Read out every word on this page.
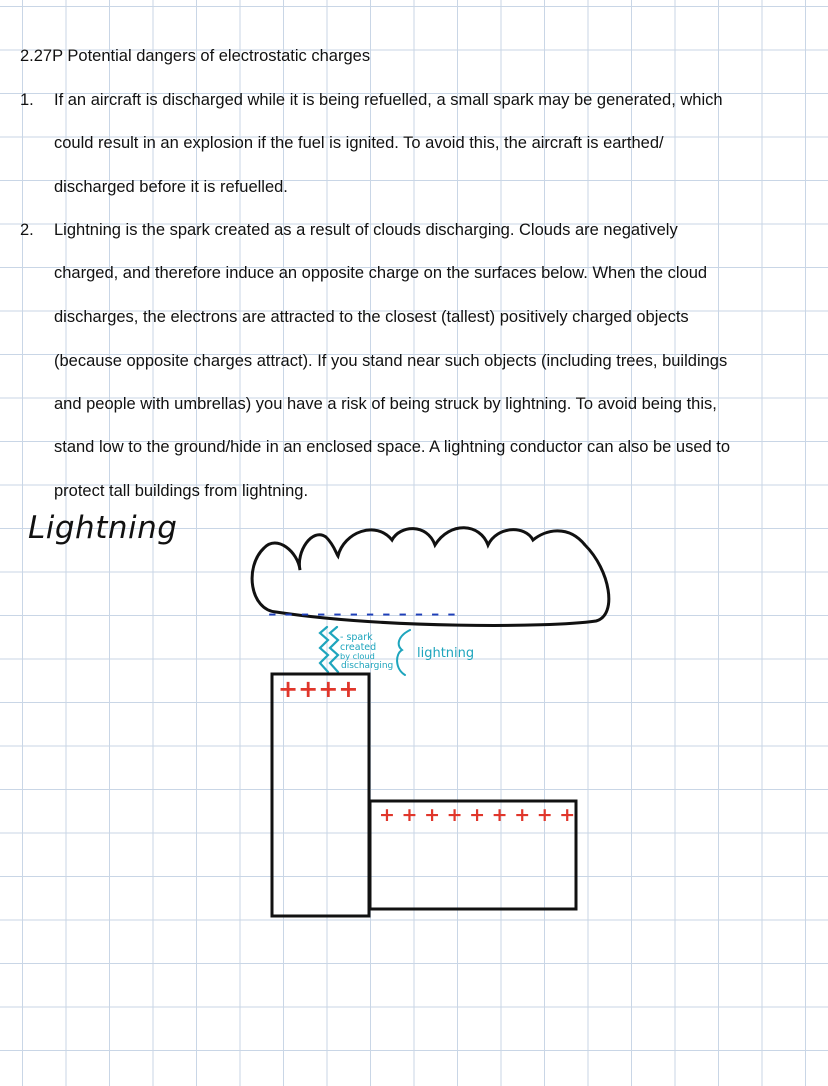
2.27P Potential dangers of electrostatic charges
1. If an aircraft is discharged while it is being refuelled, a small spark may be generated, which
could result in an explosion if the fuel is ignited. To avoid this, the aircraft is earthed/
discharged before it is refuelled.
2. Lightning is the spark created as a result of clouds discharging. Clouds are negatively
charged, and therefore induce an opposite charge on the surfaces below. When the cloud
discharges, the electrons are attracted to the closest (tallest) positively charged objects
(because opposite charges attract). If you stand near such objects (including trees, buildings
and people with umbrellas) you have a risk of being struck by lightning. To avoid being this,
stand low to the ground/hide in an enclosed space. A lightning conductor can also be used to
protect tall buildings from lightning.
Lightning
- - - - - - - - - - - -
- spark
created
by cloud
discharging
lightning
++++
+ + + + + + + + +
